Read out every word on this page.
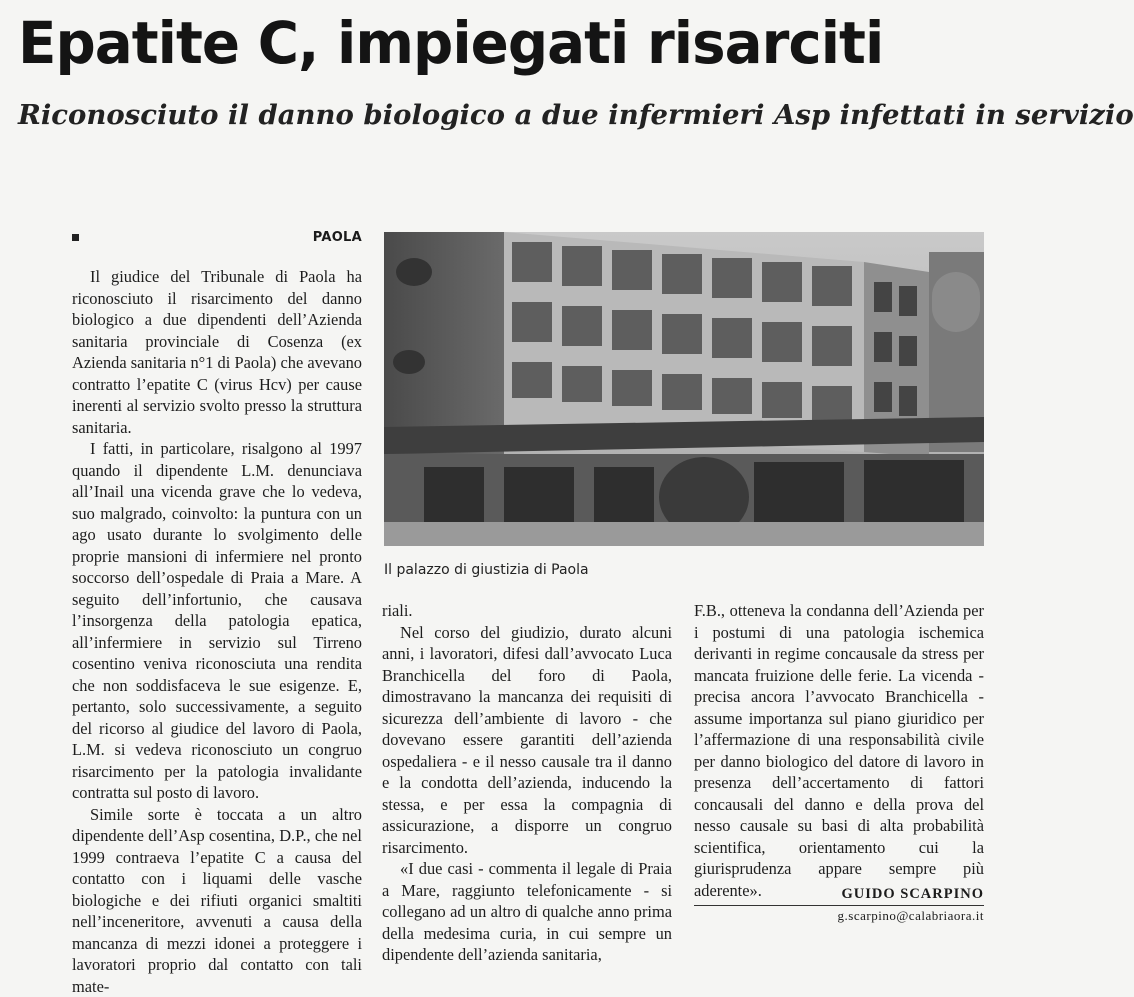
Epatite C, impiegati risarciti
Riconosciuto il danno biologico a due infermieri Asp infettati in servizio
PAOLA

Il giudice del Tribunale di Paola ha riconosciuto il risarcimento del danno biologico a due dipendenti dell’Azienda sanitaria provinciale di Cosenza (ex Azienda sanitaria n°1 di Paola) che avevano contratto l’epatite C (virus Hcv) per cause inerenti al servizio svolto presso la struttura sanitaria.

I fatti, in particolare, risalgono al 1997 quando il dipendente L.M. denunciava all’Inail una vicenda grave che lo vedeva, suo malgrado, coinvolto: la puntura con un ago usato durante lo svolgimento delle proprie mansioni di infermiere nel pronto soccorso dell’ospedale di Praia a Mare. A seguito dell’infortunio, che causava l’insorgenza della patologia epatica, all’infermiere in servizio sul Tirreno cosentino veniva riconosciuta una rendita che non soddisfaceva le sue esigenze. E, pertanto, solo successivamente, a seguito del ricorso al giudice del lavoro di Paola, L.M. si vedeva riconosciuto un congruo risarcimento per la patologia invalidante contratta sul posto di lavoro.

Simile sorte è toccata a un altro dipendente dell’Asp cosentina, D.P., che nel 1999 contraeva l’epatite C a causa del contatto con i liquami delle vasche biologiche e dei rifiuti organici smaltiti nell’inceneritore, avvenuti a causa della mancanza di mezzi idonei a proteggere i lavoratori proprio dal contatto con tali mate-

Il palazzo di giustizia di Paola

riali.

Nel corso del giudizio, durato alcuni anni, i lavoratori, difesi dall’avvocato Luca Branchicella del foro di Paola, dimostravano la mancanza dei requisiti di sicurezza dell’ambiente di lavoro - che dovevano essere garantiti dell’azienda ospedaliera - e il nesso causale tra il danno e la condotta dell’azienda, inducendo la stessa, e per essa la compagnia di assicurazione, a disporre un congruo risarcimento.

«I due casi - commenta il legale di Praia a Mare, raggiunto telefonicamente - si collegano ad un altro di qualche anno prima della medesima curia, in cui sempre un dipendente dell’azienda sanitaria,

F.B., otteneva la condanna dell’Azienda per i postumi di una patologia ischemica derivanti in regime concausale da stress per mancata fruizione delle ferie. La vicenda - precisa ancora l’avvocato Branchicella - assume importanza sul piano giuridico per l’affermazione di una responsabilità civile per danno biologico del datore di lavoro in presenza dell’accertamento di fattori concausali del danno e della prova del nesso causale su basi di alta probabilità scientifica, orientamento cui la giurisprudenza appare sempre più aderente».	GUIDO SCARPINO
g.scarpino@calabriaora.it
